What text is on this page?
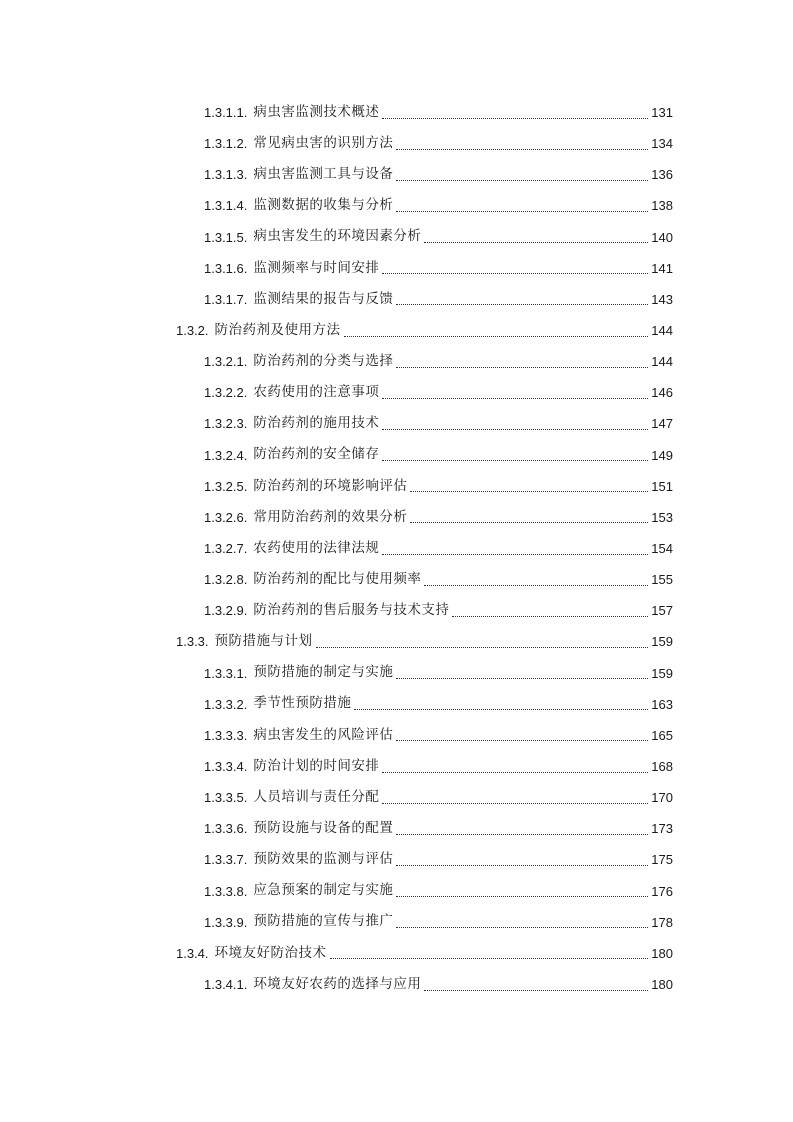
1.3.1.1. 病虫害监测技术概述	131
1.3.1.2. 常见病虫害的识别方法	134
1.3.1.3. 病虫害监测工具与设备	136
1.3.1.4. 监测数据的收集与分析	138
1.3.1.5. 病虫害发生的环境因素分析	140
1.3.1.6. 监测频率与时间安排	141
1.3.1.7. 监测结果的报告与反馈	143
1.3.2. 防治药剂及使用方法	144
1.3.2.1. 防治药剂的分类与选择	144
1.3.2.2. 农药使用的注意事项	146
1.3.2.3. 防治药剂的施用技术	147
1.3.2.4. 防治药剂的安全储存	149
1.3.2.5. 防治药剂的环境影响评估	151
1.3.2.6. 常用防治药剂的效果分析	153
1.3.2.7. 农药使用的法律法规	154
1.3.2.8. 防治药剂的配比与使用频率	155
1.3.2.9. 防治药剂的售后服务与技术支持	157
1.3.3. 预防措施与计划	159
1.3.3.1. 预防措施的制定与实施	159
1.3.3.2. 季节性预防措施	163
1.3.3.3. 病虫害发生的风险评估	165
1.3.3.4. 防治计划的时间安排	168
1.3.3.5. 人员培训与责任分配	170
1.3.3.6. 预防设施与设备的配置	173
1.3.3.7. 预防效果的监测与评估	175
1.3.3.8. 应急预案的制定与实施	176
1.3.3.9. 预防措施的宣传与推广	178
1.3.4. 环境友好防治技术	180
1.3.4.1. 环境友好农药的选择与应用	180
